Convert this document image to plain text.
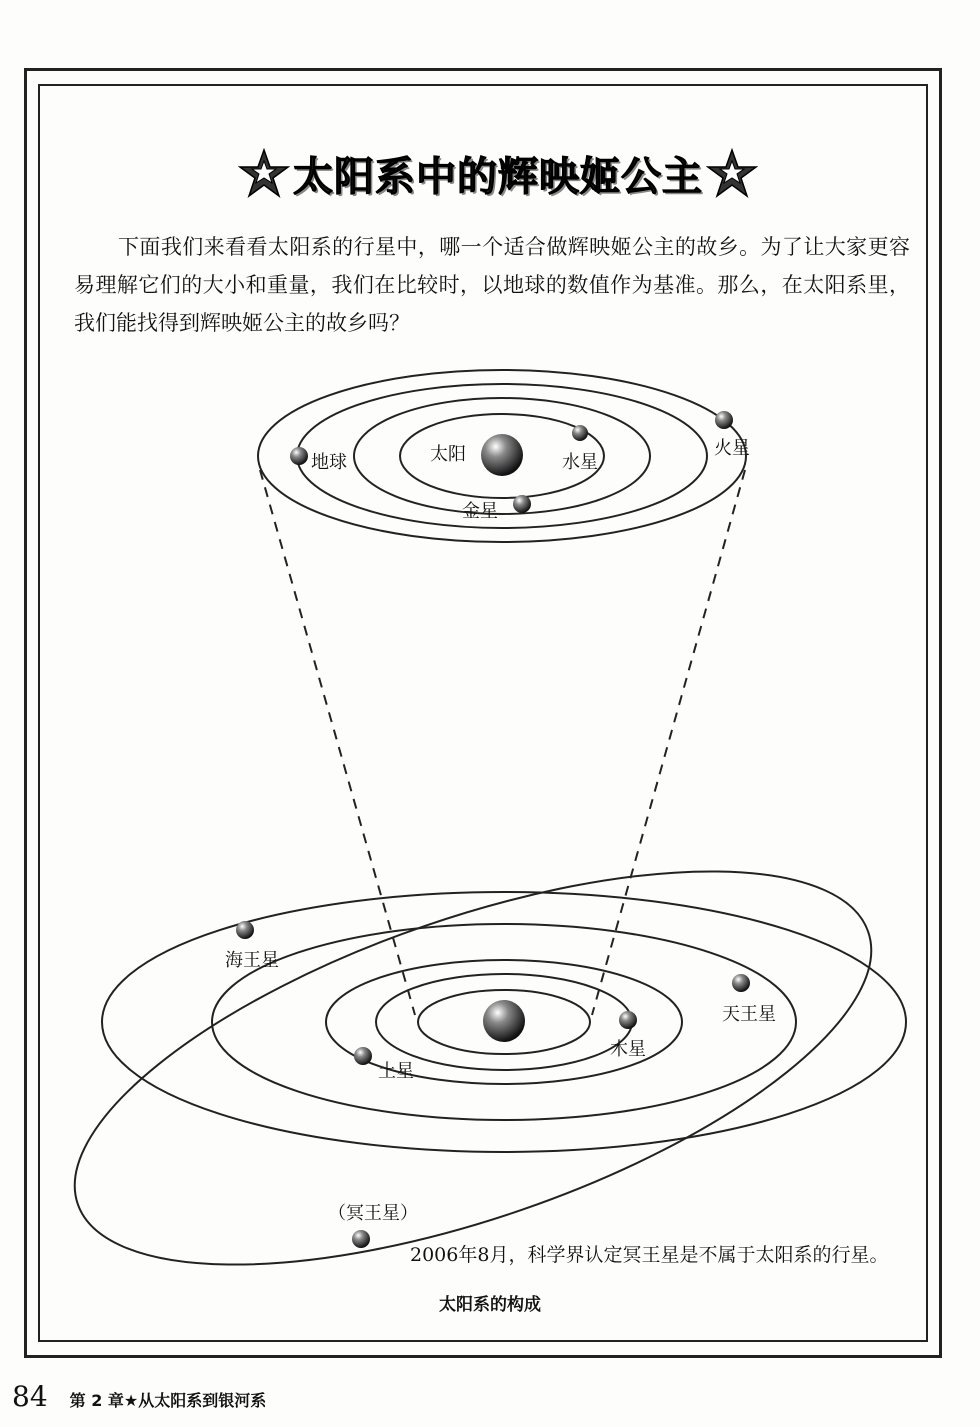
太阳系中的辉映姬公主

下面我们来看看太阳系的行星中，哪一个适合做辉映姬公主的故乡。为了让大家更容易理解它们的大小和重量，我们在比较时，以地球的数值作为基准。那么，在太阳系里，我们能找得到辉映姬公主的故乡吗？

太阳	水星
金星
地球
火星
木星
土星
天王星
海王星
（冥王星）
2006年8月，科学界认定冥王星是不属于太阳系的行星。
太阳系的构成
84 第 2 章★从太阳系到银河系
